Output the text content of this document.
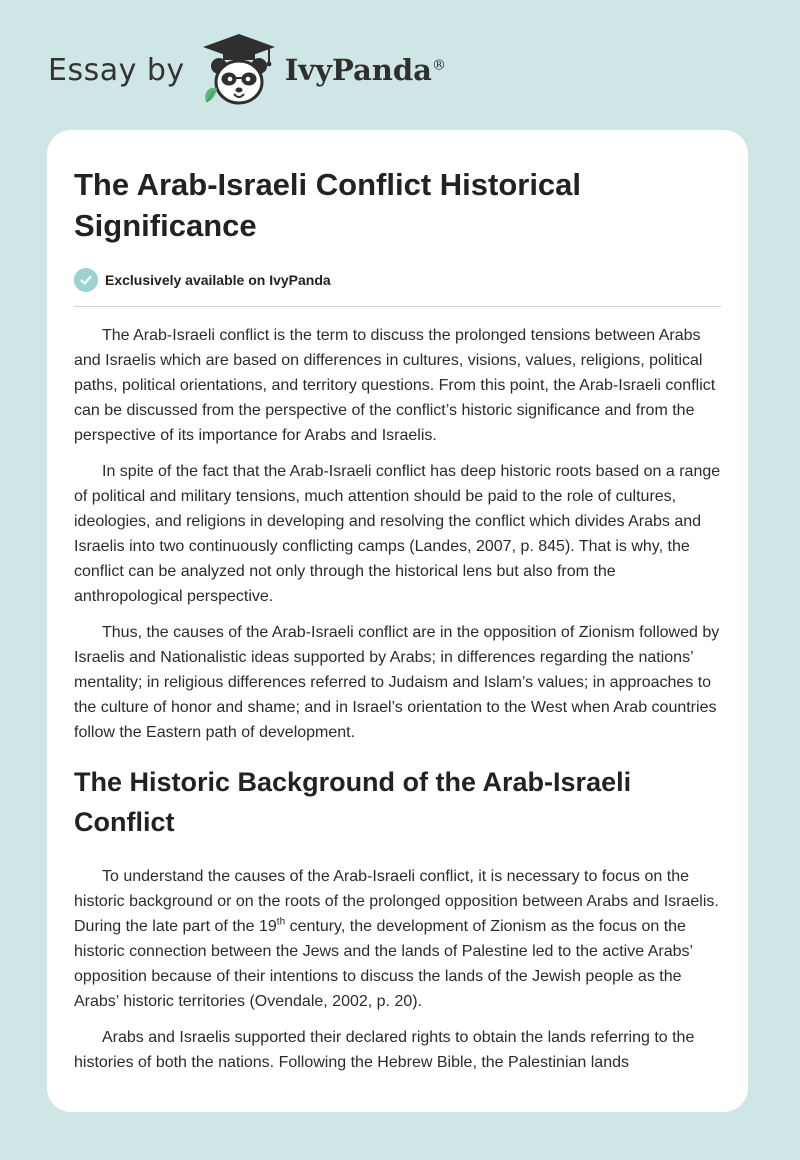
Essay by	IvyPanda®
The Arab-Israeli Conflict Historical Significance
Exclusively available on IvyPanda

The Arab-Israeli conflict is the term to discuss the prolonged tensions between Arabs and Israelis which are based on differences in cultures, visions, values, religions, political paths, political orientations, and territory questions. From this point, the Arab-Israeli conflict can be discussed from the perspective of the conflict’s historic significance and from the perspective of its importance for Arabs and Israelis.

In spite of the fact that the Arab-Israeli conflict has deep historic roots based on a range of political and military tensions, much attention should be paid to the role of cultures, ideologies, and religions in developing and resolving the conflict which divides Arabs and Israelis into two continuously conflicting camps (Landes, 2007, p. 845). That is why, the conflict can be analyzed not only through the historical lens but also from the anthropological perspective.

Thus, the causes of the Arab-Israeli conflict are in the opposition of Zionism followed by Israelis and Nationalistic ideas supported by Arabs; in differences regarding the nations’ mentality; in religious differences referred to Judaism and Islam’s values; in approaches to the culture of honor and shame; and in Israel’s orientation to the West when Arab countries follow the Eastern path of development.

The Historic Background of the Arab-Israeli Conflict

To understand the causes of the Arab-Israeli conflict, it is necessary to focus on the historic background or on the roots of the prolonged opposition between Arabs and Israelis. During the late part of the 19th century, the development of Zionism as the focus on the historic connection between the Jews and the lands of Palestine led to the active Arabs’ opposition because of their intentions to discuss the lands of the Jewish people as the Arabs’ historic territories (Ovendale, 2002, p. 20).

Arabs and Israelis supported their declared rights to obtain the lands referring to the histories of both the nations. Following the Hebrew Bible, the Palestinian lands
